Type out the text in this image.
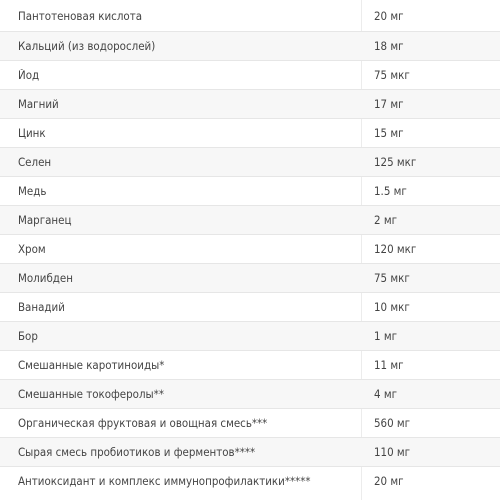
Пантотеновая кислота	20 мг
Кальций (из водорослей)	18 мг
Йод	75 мкг
Магний	17 мг
Цинк	15 мг
Селен	125 мкг
Медь	1.5 мг
Марганец	2 мг
Хром	120 мкг
Молибден	75 мкг
Ванадий	10 мкг
Бор	1 мг
Смешанные каротиноиды*	11 мг
Смешанные токоферолы**	4 мг
Органическая фруктовая и овощная смесь***	560 мг
Сырая смесь пробиотиков и ферментов****	110 мг
Антиоксидант и комплекс иммунопрофилактики*****	20 мг
